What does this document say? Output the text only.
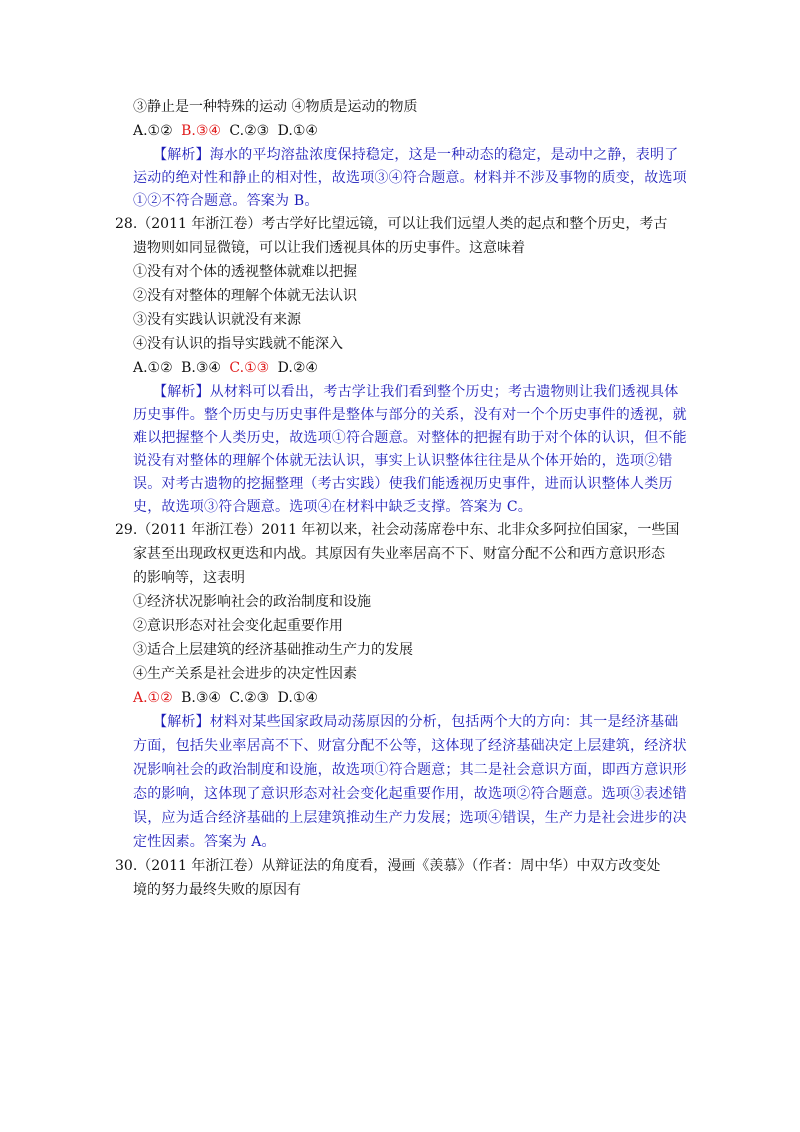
③静止是一种特殊的运动 ④物质是运动的物质
A.①② B.③④ C.②③ D.①④
【解析】海水的平均溶盐浓度保持稳定，这是一种动态的稳定，是动中之静，表明了
运动的绝对性和静止的相对性，故选项③④符合题意。材料并不涉及事物的质变，故选项
①②不符合题意。答案为 B。
28.（2011 年浙江卷）考古学好比望远镜，可以让我们远望人类的起点和整个历史，考古
遗物则如同显微镜，可以让我们透视具体的历史事件。这意味着
①没有对个体的透视整体就难以把握
②没有对整体的理解个体就无法认识
③没有实践认识就没有来源
④没有认识的指导实践就不能深入
A.①② B.③④ C.①③ D.②④
【解析】从材料可以看出，考古学让我们看到整个历史；考古遗物则让我们透视具体
历史事件。整个历史与历史事件是整体与部分的关系，没有对一个个历史事件的透视，就
难以把握整个人类历史，故选项①符合题意。对整体的把握有助于对个体的认识，但不能
说没有对整体的理解个体就无法认识，事实上认识整体往往是从个体开始的，选项②错
误。对考古遗物的挖掘整理（考古实践）使我们能透视历史事件，进而认识整体人类历
史，故选项③符合题意。选项④在材料中缺乏支撑。答案为 C。
29.（2011 年浙江卷）2011 年初以来，社会动荡席卷中东、北非众多阿拉伯国家，一些国
家甚至出现政权更迭和内战。其原因有失业率居高不下、财富分配不公和西方意识形态
的影响等，这表明
①经济状况影响社会的政治制度和设施
②意识形态对社会变化起重要作用
③适合上层建筑的经济基础推动生产力的发展
④生产关系是社会进步的决定性因素
A.①② B.③④ C.②③ D.①④
【解析】材料对某些国家政局动荡原因的分析，包括两个大的方向：其一是经济基础
方面，包括失业率居高不下、财富分配不公等，这体现了经济基础决定上层建筑，经济状
况影响社会的政治制度和设施，故选项①符合题意；其二是社会意识方面，即西方意识形
态的影响，这体现了意识形态对社会变化起重要作用，故选项②符合题意。选项③表述错
误，应为适合经济基础的上层建筑推动生产力发展；选项④错误，生产力是社会进步的决
定性因素。答案为 A。
30.（2011 年浙江卷）从辩证法的角度看，漫画《羡慕》（作者：周中华）中双方改变处
境的努力最终失败的原因有
